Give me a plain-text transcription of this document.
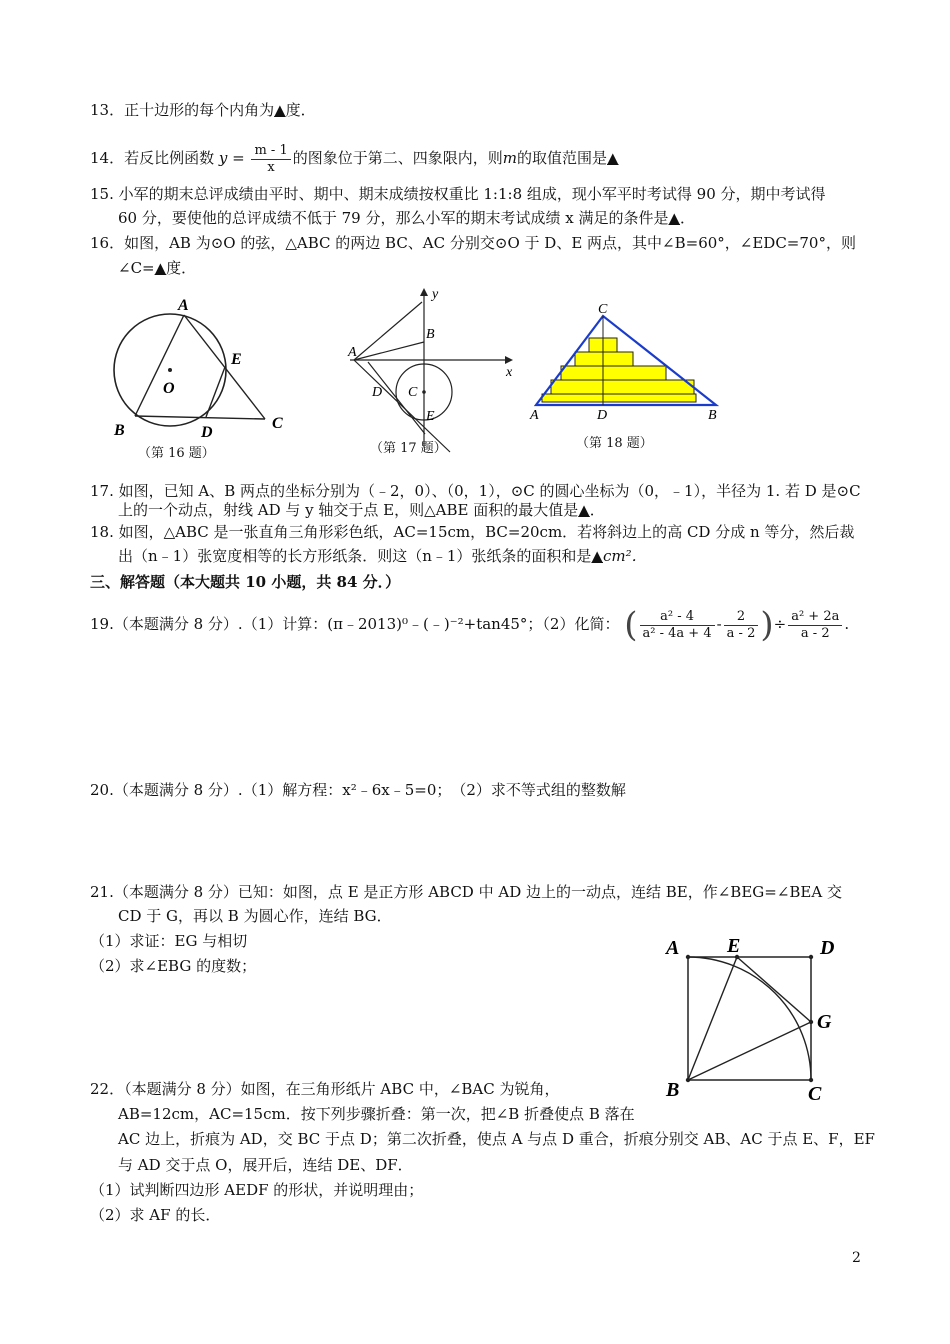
13．正十边形的每个内角为▲度．
14．若反比例函数 $y = \frac{m - 1}{x}$ 的图象位于第二、四象限内，则m的取值范围是▲
15. 小军的期末总评成绩由平时、期中、期末成绩按权重比 1:1:8 组成，现小军平时考试得 90 分，期中考试得
60 分，要使他的总评成绩不低于 79 分，那么小军的期末考试成绩 x 满足的条件是▲．
16．如图，AB 为⊙O 的弦，△ABC 的两边 BC、AC 分别交⊙O 于 D、E 两点，其中∠B=60°，∠EDC=70°，则
∠C=▲度．
A
E
O
B	D
C
（第 16 题）
y
x
A
B
D C
E
（第 17 题）
C
A	D	B
（第 18 题）
17. 如图，已知 A、B 两点的坐标分别为（﹣2，0）、（0，1），⊙C 的圆心坐标为（0，﹣1），半径为 1. 若 D 是⊙C
上的一个动点，射线 AD 与 y 轴交于点 E，则△ABE 面积的最大值是▲．
18. 如图，△ABC 是一张直角三角形彩色纸，AC=15cm，BC=20cm．若将斜边上的高 CD 分成 n 等分，然后裁
出（n﹣1）张宽度相等的长方形纸条．则这（n﹣1）张纸条的面积和是▲cm²．
三、解答题（本大题共 10 小题，共 84 分．）
19.（本题满分 8 分）.（1）计算：(π﹣2013)⁰﹣(﹣)⁻²+tan45°；（2）化简： ( $\frac{\text{a² - 4}}{\text{a² - 4a + 4}} - \frac{2}{a - 2}$ )÷ $\frac{\text{a² + 2a}}{a - 2}$ .
20.（本题满分 8 分）.（1）解方程：x²﹣6x﹣5=0；　（2）求不等式组的整数解
21.（本题满分 8 分）已知：如图，点 E 是正方形 ABCD 中 AD 边上的一动点，连结 BE，作∠BEG=∠BEA 交
CD 于 G，再以 B 为圆心作，连结 BG．
（1）求证：EG 与相切
（2）求∠EBG 的度数；
A E	D
G
B	C
22．（本题满分 8 分）如图，在三角形纸片 ABC 中，∠BAC 为锐角，
AB=12cm，AC=15cm．按下列步骤折叠：第一次，把∠B 折叠使点 B 落在
AC 边上，折痕为 AD，交 BC 于点 D；第二次折叠，使点 A 与点 D 重合，折痕分别交 AB、AC 于点 E、F，EF
与 AD 交于点 O，展开后，连结 DE、DF．
（1）试判断四边形 AEDF 的形状，并说明理由；
（2）求 AF 的长．
2
